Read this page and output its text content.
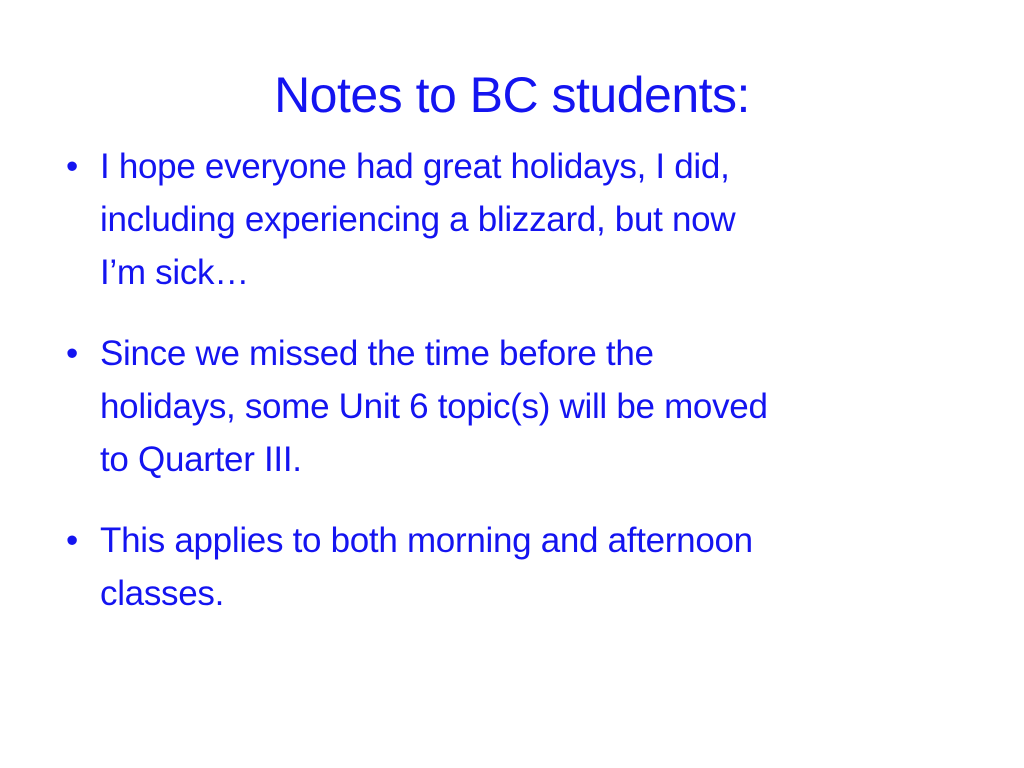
Notes to BC students:
• I hope everyone had great holidays, I did,
including experiencing a blizzard, but now
I’m sick…
• Since we missed the time before the
holidays, some Unit 6 topic(s) will be moved
to Quarter III.
• This applies to both morning and afternoon
classes.
